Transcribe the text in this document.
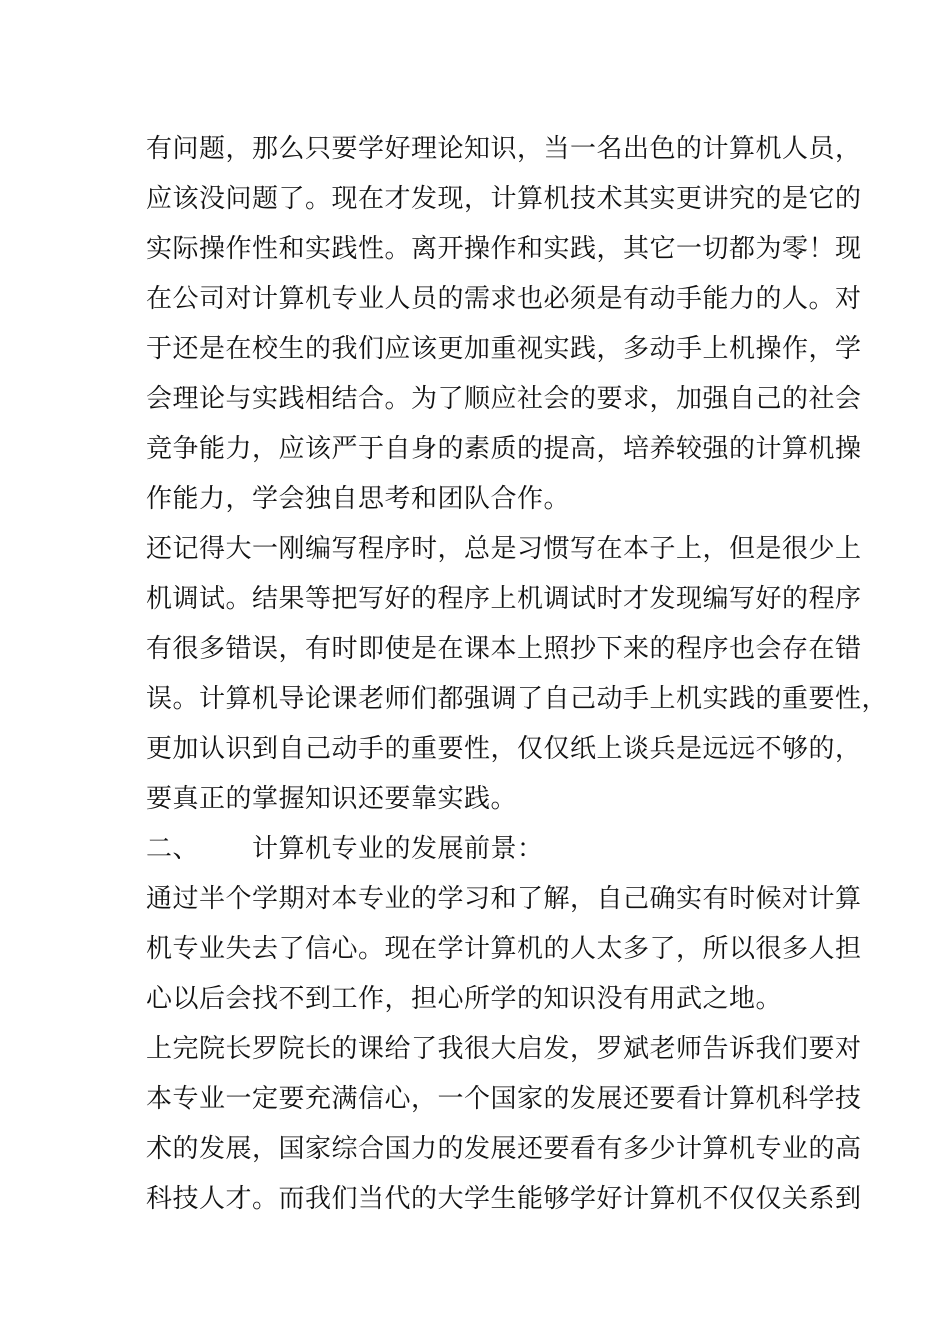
有问题，那么只要学好理论知识，当一名出色的计算机人员，
应该没问题了。现在才发现，计算机技术其实更讲究的是它的
实际操作性和实践性。离开操作和实践，其它一切都为零！现
在公司对计算机专业人员的需求也必须是有动手能力的人。对
于还是在校生的我们应该更加重视实践，多动手上机操作，学
会理论与实践相结合。为了顺应社会的要求，加强自己的社会
竞争能力，应该严于自身的素质的提高，培养较强的计算机操
作能力，学会独自思考和团队合作。
还记得大一刚编写程序时，总是习惯写在本子上，但是很少上
机调试。结果等把写好的程序上机调试时才发现编写好的程序
有很多错误，有时即使是在课本上照抄下来的程序也会存在错
误。计算机导论课老师们都强调了自己动手上机实践的重要性，
更加认识到自己动手的重要性，仅仅纸上谈兵是远远不够的，
要真正的掌握知识还要靠实践。
二、 计算机专业的发展前景：
通过半个学期对本专业的学习和了解，自己确实有时候对计算
机专业失去了信心。现在学计算机的人太多了，所以很多人担
心以后会找不到工作，担心所学的知识没有用武之地。
上完院长罗院长的课给了我很大启发，罗斌老师告诉我们要对
本专业一定要充满信心，一个国家的发展还要看计算机科学技
术的发展，国家综合国力的发展还要看有多少计算机专业的高
科技人才。而我们当代的大学生能够学好计算机不仅仅关系到
